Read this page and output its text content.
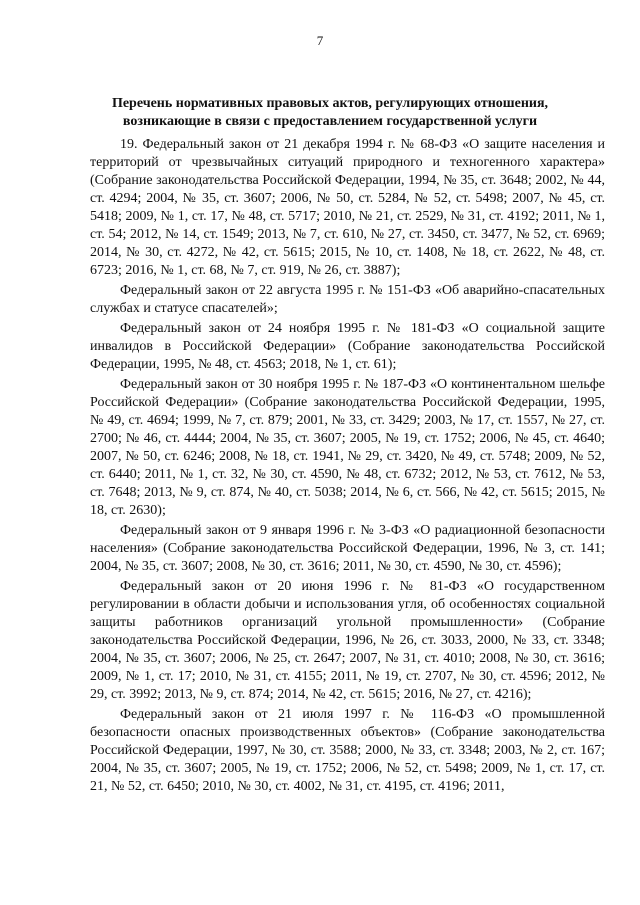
7
Перечень нормативных правовых актов, регулирующих отношения,
возникающие в связи с предоставлением государственной услуги

19. Федеральный закон от 21 декабря 1994 г. № 68-ФЗ «О защите населения и территорий от чрезвычайных ситуаций природного и техногенного характера» (Собрание законодательства Российской Федерации, 1994, № 35, ст. 3648; 2002, № 44, ст. 4294; 2004, № 35, ст. 3607; 2006, № 50, ст. 5284, № 52, ст. 5498; 2007, № 45, ст. 5418; 2009, № 1, ст. 17, № 48, ст. 5717; 2010, № 21, ст. 2529, № 31, ст. 4192; 2011, № 1, ст. 54; 2012, № 14, ст. 1549; 2013, № 7, ст. 610, № 27, ст. 3450, ст. 3477, № 52, ст. 6969; 2014, № 30, ст. 4272, № 42, ст. 5615; 2015, № 10, ст. 1408, № 18, ст. 2622, № 48, ст. 6723; 2016, № 1, ст. 68, № 7, ст. 919, № 26, ст. 3887);

Федеральный закон от 22 августа 1995 г. № 151-ФЗ «Об аварийно-спасательных службах и статусе спасателей»;

Федеральный закон от 24 ноября 1995 г. № 181-ФЗ «О социальной защите инвалидов в Российской Федерации» (Собрание законодательства Российской Федерации, 1995, № 48, ст. 4563; 2018, № 1, ст. 61);

Федеральный закон от 30 ноября 1995 г. № 187-ФЗ «О континентальном шельфе Российской Федерации» (Собрание законодательства Российской Федерации, 1995, № 49, ст. 4694; 1999, № 7, ст. 879; 2001, № 33, ст. 3429; 2003, № 17, ст. 1557, № 27, ст. 2700; № 46, ст. 4444; 2004, № 35, ст. 3607; 2005, № 19, ст. 1752; 2006, № 45, ст. 4640; 2007, № 50, ст. 6246; 2008, № 18, ст. 1941, № 29, ст. 3420, № 49, ст. 5748; 2009, № 52, ст. 6440; 2011, № 1, ст. 32, № 30, ст. 4590, № 48, ст. 6732; 2012, № 53, ст. 7612, № 53, ст. 7648; 2013, № 9, ст. 874, № 40, ст. 5038; 2014, № 6, ст. 566, № 42, ст. 5615; 2015, № 18, ст. 2630);

Федеральный закон от 9 января 1996 г. № 3-ФЗ «О радиационной безопасности населения» (Собрание законодательства Российской Федерации, 1996, № 3, ст. 141; 2004, № 35, ст. 3607; 2008, № 30, ст. 3616; 2011, № 30, ст. 4590, № 30, ст. 4596);

Федеральный закон от 20 июня 1996 г. № 81-ФЗ «О государственном регулировании в области добычи и использования угля, об особенностях социальной защиты работников организаций угольной промышленности» (Собрание законодательства Российской Федерации, 1996, № 26, ст. 3033, 2000, № 33, ст. 3348; 2004, № 35, ст. 3607; 2006, № 25, ст. 2647; 2007, № 31, ст. 4010; 2008, № 30, ст. 3616; 2009, № 1, ст. 17; 2010, № 31, ст. 4155; 2011, № 19, ст. 2707, № 30, ст. 4596; 2012, № 29, ст. 3992; 2013, № 9, ст. 874; 2014, № 42, ст. 5615; 2016, № 27, ст. 4216);

Федеральный закон от 21 июля 1997 г. № 116-ФЗ «О промышленной безопасности опасных производственных объектов» (Собрание законодательства Российской Федерации, 1997, № 30, ст. 3588; 2000, № 33, ст. 3348; 2003, № 2, ст. 167; 2004, № 35, ст. 3607; 2005, № 19, ст. 1752; 2006, № 52, ст. 5498; 2009, № 1, ст. 17, ст. 21, № 52, ст. 6450; 2010, № 30, ст. 4002, № 31, ст. 4195, ст. 4196; 2011,
